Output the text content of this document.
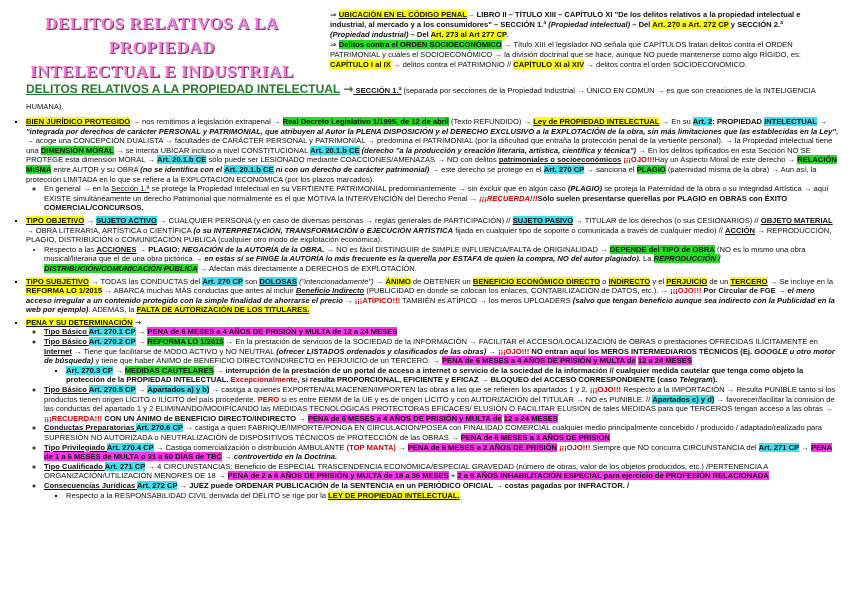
DELITOS RELATIVOS A LA PROPIEDAD
INTELECTUAL E INDUSTRIAL
⇒ UBICACIÓN EN EL CÓDIGO PENAL→ LIBRO II – TÍTULO XIII – CAPÍTULO XI "De los delitos relativos a la propiedad intelectual e
industrial, al mercado y a los consumidores" – SECCIÓN 1.ª (Propiedad intelectual) – Del Art. 270 a Art. 272 CP y SECCIÓN 2.ª
(Propiedad industrial) – Del Art. 273 al Art 277 CP.
⇒ Delitos contra el ORDEN SOCIOECONÓMICO → Título XIII el legislador NO señala qué CAPÍTULOS tratan delitos contra el ORDEN
PATRIMONIAL y cuáles el SOCIOECONÓMICO → la división doctrinal que se hace, aunque NO puede mantenerse como algo RÍGIDO, es:
CAPÍTULO I al IX → delitos contra el PATRIMONIO // CAPÍTULO XI al XIV → delitos contra el orden SOCIOECONÓMICO.
DELITOS RELATIVOS A LA PROPIEDAD INTELECTUAL → SECCIÓN 1.ª (separada por secciones de la Propiedad Industrial → ÚNICO EN COMÚN → es que son creaciones de la INTELIGENCIA HUMANA).
▪ BIEN JURÍDICO PROTEGIDO → nos remitimos a legislación extrapenal → Real Decreto Legislativo 1/1995, de 12 de abril (Texto REFUNDIDO) → Ley de PROPIEDAD INTELECTUAL → En su Art. 2: PROPIEDAD INTELECTUAL → "integrada por derechos de carácter PERSONAL y PATRIMONIAL, que atribuyen al Autor la PLENA DISPOSICIÓN y el DERECHO EXCLUSIVO a la EXPLOTACIÓN de la obra, sin más limitaciones que las establecidas en la Ley". → acoge una CONCEPCIÓN DUALISTA → facultades de CARÁCTER PERSONAL y PATRIMONIAL → predomina el PATRIMONIAL (por la dificultad que entraña la protección penal de la vertiente personal). → la Propiedad intelectual tiene una DIMENSIÓN MORAL → se intenta UBICAR incluso a nivel CONSTITUCIONAL Art. 20.1.b CE (derecho "a la producción y creación literaria, artística, científica y técnica") → En los delitos tipificados en esta Sección NO SE PROTEGE esta dimensión MORAL → Art. 20.1.b CE sólo puede ser LESIONADO mediante COACCIONES/AMENAZAS → NO con delitos patrimoniales o socioeconómicos ¡¡¡OJO!!!Hay un Aspecto Moral de este derecho → RELACIÓN MISMA entre AUTOR y su OBRA (no se identifica con el Art. 20.1.b CE ni con un derecho de carácter patrimonial) → este derecho se protege en el Art. 270 CP → sanciona el PLAGIO (paternidad misma de la obra) → Aun así, la protección LIMITADA en lo que se refiere a la EXPLOTACIÓN ECONÓMICA (por los plazos marcados).
◦ En general → en la Sección 1.ª se protege la Propiedad Intelectual en su VERTIENTE PATRIMONIAL predominantemente → sin excluir que en algún caso (PLAGIO) se proteja la Paternidad de la obra o su Integridad Artística → aquí EXISTE simultáneamente un derecho Patrimonial que normalmente es el que MOTIVA la INTERVENCIÓN del Derecho Penal → ¡¡¡RECUERDA!!!Sólo suelen presentarse querellas por PLAGIO en OBRAS con ÉXITO COMERCIAL/CONCURSOS.
▪ TIPO OBJETIVO → SUJETO ACTIVO → CUALQUIER PERSONA (y en caso de diversas personas → reglas generales de PARTICIPACIÓN) // SUJETO PASIVO → TITULAR de los derechos (o sus CESIONARIOS) // OBJETO MATERIAL → OBRA LITERARIA, ARTÍSTICA o CIENTÍFICA (o su INTERPRETACIÓN, TRANSFORMACIÓN o EJECUCIÓN ARTÍSTICA fijada en cualquier tipo de soporte o comunicada a través de cualquier medio) // ACCIÓN → REPRODUCCIÓN, PLAGIO, DISTRIBUCIÓN o COMUNICACIÓN PÚBLICA (cualquier otro modo de explotación económica).
• Respecto a las ACCIONES → PLAGIO: NEGACIÓN de la AUTORÍA de la OBRA. → NO es fácil DISTINGUIR de SIMPLE INFLUENCIA/FALTA de ORIGINALIDAD → DEPENDE del TIPO de OBRA (NO es lo mismo una obra musical/literaria que el de una obra pictórica → en estas sí se FINGE la AUTORÍA lo más frecuente es la querella por ESTAFA de quien la compra, NO del autor plagiado). La REPRODUCCIÓN / DISTRIBUCIÓN/COMUNICACIÓN PÚBLICA → Afectan más directamente a DERECHOS de EXPLOTACIÓN.
▪ TIPO SUBJETIVO → TODAS las CONDUCTAS del Art. 270 CP son DOLOSAS ("intencionadamente") → ÁNIMO de OBTENER un BENEFICIO ECONÓMICO DIRECTO o INDIRECTO y el PERJUICIO de un TERCERO → Se incluye en la REFORMA LO 1/2015 → ABARCA muchas MÁS conductas que antes al incluir Beneficio Indirecto (PUBLICIDAD en donde se colocan los enlaces, CONTABILIZACIÓN de DATOS, etc.). → ¡¡¡OJO!!! Por Circular de FGE → el mero acceso irregular a un contenido protegido con la simple finalidad de ahorrarse el precio → ¡¡¡ATÍPICO!!! TAMBIÉN es ATÍPICO → los meros UPLOADERS (salvo que tengan beneficio aunque sea indirecto con la Publicidad en la web por ejemplo). ADEMÁS, la FALTA DE AUTORIZACIÓN DE LOS TITULARES.
▪ PENA Y SU DETERMINACIÓN →
◦ Tipo Básico Art. 270.1 CP → PENA de 6 MESES a 4 AÑOS DE PRISIÓN y MULTA de 12 a 24 MESES
◦ Tipo Básico Art. 270.2 CP → REFORMA LO 1/2015 → En la prestación de servicios de la SOCIEDAD de la INFORMACIÓN → FACILITAR el ACCESO/LOCALIZACIÓN de OBRAS o prestaciones OFRECIDAS ILÍCITAMENTE en Internet → Tiene que facilitarse de MODO ACTIVO y NO NEUTRAL (ofrecer LISTADOS ordenados y clasificados de las obras) → ¡¡¡OJO!!! NO entran aquí los MEROS INTERMEDIARIOS TÉCNICOS (Ej. GOOGLE u otro motor de búsqueda) y tiene que haber ÁNIMO de BENEFICIO DIRECTO/INDIRECTO en PERJUICIO de un TERCERO. → PENA de 6 MESES a 4 AÑOS DE PRISIÓN y MULTA de 12 a 24 MESES
▪ Art. 270.3 CP → MEDIDAS CAUTELARES → interrupción de la prestación de un portal de acceso a internet o servicio de la sociedad de la información // cualquier medida cautelar que tenga como objeto la protección de la PROPIEDAD INTELECTUAL. Excepcionalmente, si resulta PROPORCIONAL, EFICIENTE y EFICAZ → BLOQUEO del ACCESO CORRESPONDIENTE (caso Telegram).
◦ Tipo Básico Art. 270.5 CP → Apartados a) y b) → castiga a quienes EXPORTEN/ALMACENEN/IMPORTEN las obras a las que se refieren los apartados 1 y 2. ¡¡¡OJO!!! Respecto a la IMPORTACIÓN → Resulta PUNIBLE tanto si los productos tienen origen LÍCITO o ILÍCITO del país procedente. PERO si es entre EEMM de la UE y es de origen LÍCITO y con AUTORIZACIÓN del TITULAR → NO es PUNIBLE. // Apartados c) y d) → favorecer/facilitar la comisión de las conductas del apartado 1 y 2 ELIMINANDO/MODIFICANDO las MEDIDAS TECNOLÓGICAS PROTECTORAS EFICACES/ ELUSIÓN O FACILITAR ELUSIÓN de tales MEDIDAS para que TERCEROS tengan acceso a las obras → ¡¡¡RECUERDA!!! CON UN ÁNIMO de BENEFICIO DIRECTO/INDIRECTO → PENA de 6 MESES a 4 AÑOS DE PRISIÓN y MULTA de 12 a 24 MESES
◦ Conductas Preparatorias Art. 270.6 CP → castiga a quien FABRIQUE/IMPORTE/PONGA EN CIRCULACIÓN/POSEA con FINALIDAD COMERCIAL cualquier medio principalmente concebido / producido / adaptado/realizado para SUPRESIÓN NO AUTORIZADA o NEUTRALIZACIÓN de DISPOSITIVOS TÉCNICOS de PROTECCIÓN de las OBRAS → PENA de 6 MESES a 3 AÑOS DE PRISIÓN
◦ Tipo Privilegiado Art. 270.4 CP → Castiga comercialización o distribución AMBULANTE (TOP MANTA) → PENA de 6 MESES a 2 AÑOS DE PRISIÓN ¡¡¡OJO!!! Siempre que NO concurra CIRCUNSTANCIA del Art. 271 CP → PENA de 1 a 6 MESES de MULTA o 31 a 60 DÍAS de TBC → controvertido en la Doctrina.
◦ Tipo Cualificado Art. 271 CP → 4 CIRCUNSTANCIAS: Beneficio de ESPECIAL TRASCENDENCIA ECONÓMICA/ESPECIAL GRAVEDAD (número de obras, valor de los objetos producidos, etc.) /PERTENENCIA A ORGANIZACIÓN/UTILIZACIÓN MENORES DE 18 → PENA de 2 a 6 AÑOS DE PRISIÓN y MULTA de 18 a 36 MESES + 2 a 5 AÑOS INHABILITACIÓN ESPECIAL para ejercicio de PROFESIÓN RELACIONADA
◦ Consecuencias Jurídicas Art. 272 CP → JUEZ puede ORDENAR PUBLICACIÓN de la SENTENCIA en un PERIÓDICO OFICIAL → costas pagadas por INFRACTOR. /
▪ Respecto a la RESPONSABILIDAD CIVIL derivada del DELITO se rige por la LEY DE PROPIEDAD INTELECTUAL.
